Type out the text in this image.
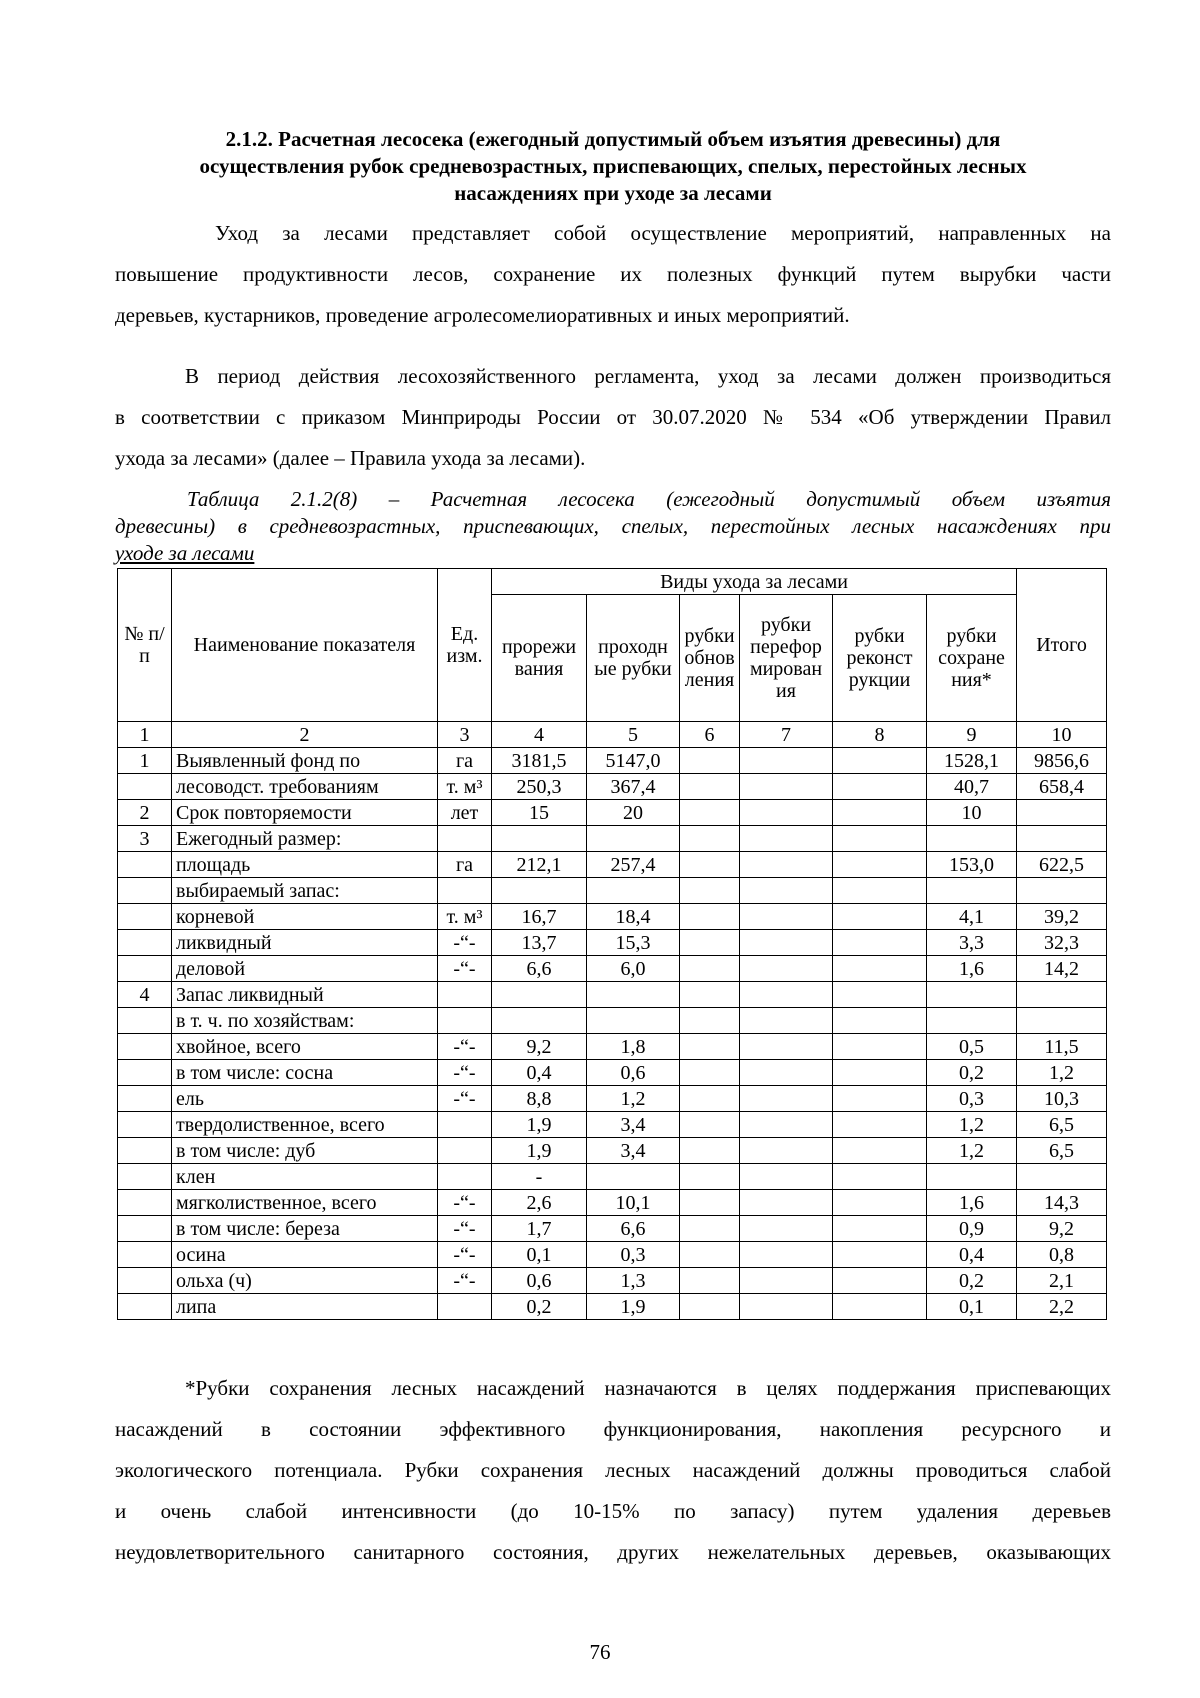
2.1.2. Расчетная лесосека (ежегодный допустимый объем изъятия древесины) для
осуществления рубок средневозрастных, приспевающих, спелых, перестойных лесных
насаждениях при уходе за лесами
Уход за лесами представляет собой осуществление мероприятий, направленных на
повышение продуктивности лесов, сохранение их полезных функций путем вырубки части
деревьев, кустарников, проведение агролесомелиоративных и иных мероприятий.
В период действия лесохозяйственного регламента, уход за лесами должен производиться
в соответствии с приказом Минприроды России от 30.07.2020 № 534 «Об утверждении Правил
ухода за лесами» (далее – Правила ухода за лесами).
Таблица 2.1.2(8) – Расчетная лесосека (ежегодный допустимый объем изъятия
древесины) в средневозрастных, приспевающих, спелых, перестойных лесных насаждениях при
уходе за лесами
№ п/п	Наименование показателя	Ед. изм.	Виды ухода за лесами						Итого
			прорежи вания	проходн ые рубки	рубки обнов ления	рубки перефор мирован ия	рубки реконст рукции	рубки сохране ния*	
1	2	3	4	5	6	7	8	9	10
1	Выявленный фонд по	га	3181,5	5147,0				1528,1	9856,6
	лесоводст. требованиям	т. м³	250,3	367,4				40,7	658,4
2	Срок повторяемости	лет	15	20				10	
3	Ежегодный размер:								
	площадь	га	212,1	257,4				153,0	622,5
	выбираемый запас:								
	корневой	т. м³	16,7	18,4				4,1	39,2
	ликвидный	-“-	13,7	15,3				3,3	32,3
	деловой	-“-	6,6	6,0				1,6	14,2
4	Запас ликвидный								
	в т. ч. по хозяйствам:								
	хвойное, всего	-“-	9,2	1,8				0,5	11,5
	в том числе: сосна	-“-	0,4	0,6				0,2	1,2
	ель	-“-	8,8	1,2				0,3	10,3
	твердолиственное, всего		1,9	3,4				1,2	6,5
	в том числе: дуб		1,9	3,4				1,2	6,5
	клен		-						
	мягколиственное, всего	-“-	2,6	10,1				1,6	14,3
	в том числе: береза	-“-	1,7	6,6				0,9	9,2
	осина	-“-	0,1	0,3				0,4	0,8
	ольха (ч)	-“-	0,6	1,3				0,2	2,1
	липа		0,2	1,9				0,1	2,2
*Рубки сохранения лесных насаждений назначаются в целях поддержания приспевающих
насаждений в состоянии эффективного функционирования, накопления ресурсного и
экологического потенциала. Рубки сохранения лесных насаждений должны проводиться слабой
и очень слабой интенсивности (до 10-15% по запасу) путем удаления деревьев
неудовлетворительного санитарного состояния, других нежелательных деревьев, оказывающих
76
